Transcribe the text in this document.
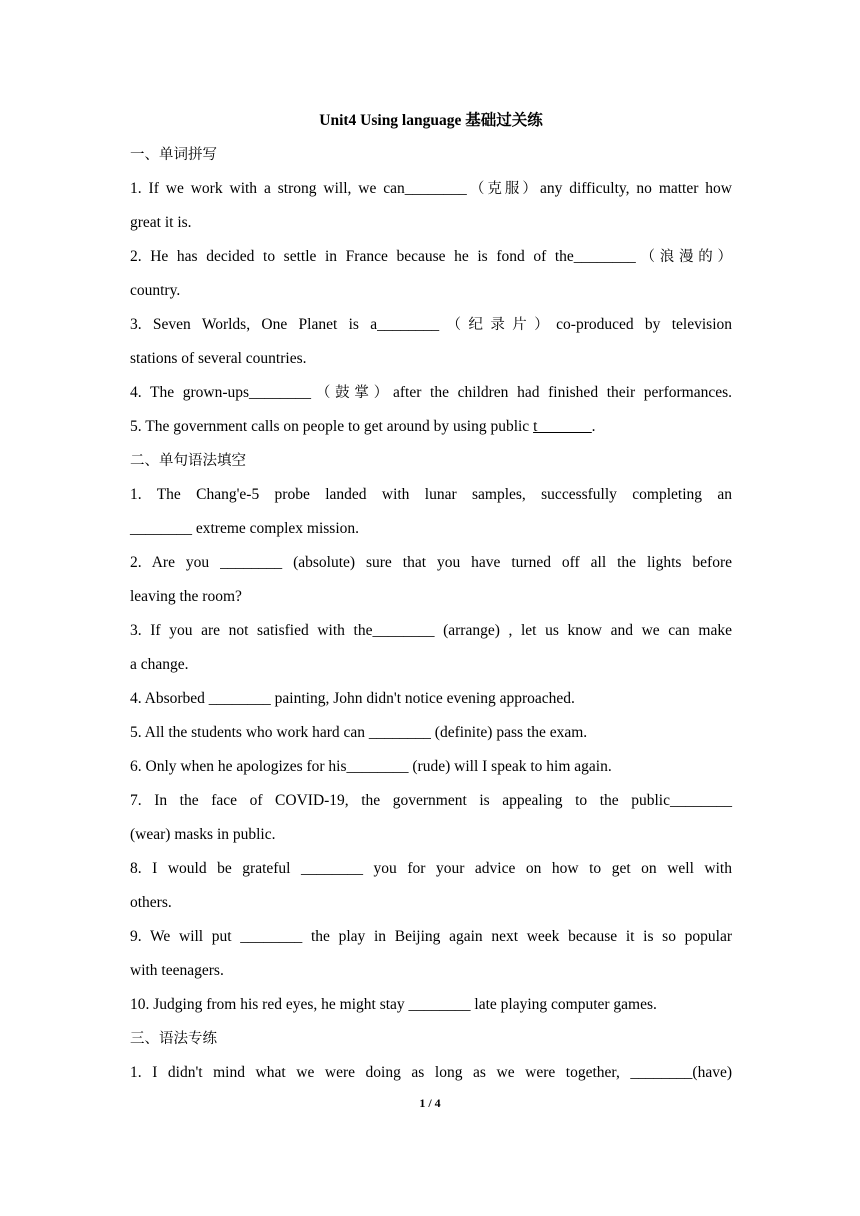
Unit4 Using language 基础过关练
一、单词拼写
1. If we work with a strong will, we can________（克服）any difficulty, no matter how
great it is.
2. He has decided to settle in France because he is fond of the________（浪漫的）
country.
3. Seven Worlds, One Planet is a________（纪录片）co-produced by television
stations of several countries.
4. The grown-ups________（鼓掌）after the children had finished their performances.
5. The government calls on people to get around by using public t_______.
二、单句语法填空
1. The Chang'e-5 probe landed with lunar samples, successfully completing an
________ extreme complex mission.
2. Are you ________ (absolute) sure that you have turned off all the lights before
leaving the room?
3. If you are not satisfied with the________ (arrange) , let us know and we can make
a change.
4. Absorbed ________ painting, John didn't notice evening approached.
5. All the students who work hard can ________ (definite) pass the exam.
6. Only when he apologizes for his________ (rude) will I speak to him again.
7. In the face of COVID-19, the government is appealing to the public________
(wear) masks in public.
8. I would be grateful ________ you for your advice on how to get on well with
others.
9. We will put ________ the play in Beijing again next week because it is so popular
with teenagers.
10. Judging from his red eyes, he might stay ________ late playing computer games.
三、语法专练
1. I didn't mind what we were doing as long as we were together, ________(have)
1 / 4
